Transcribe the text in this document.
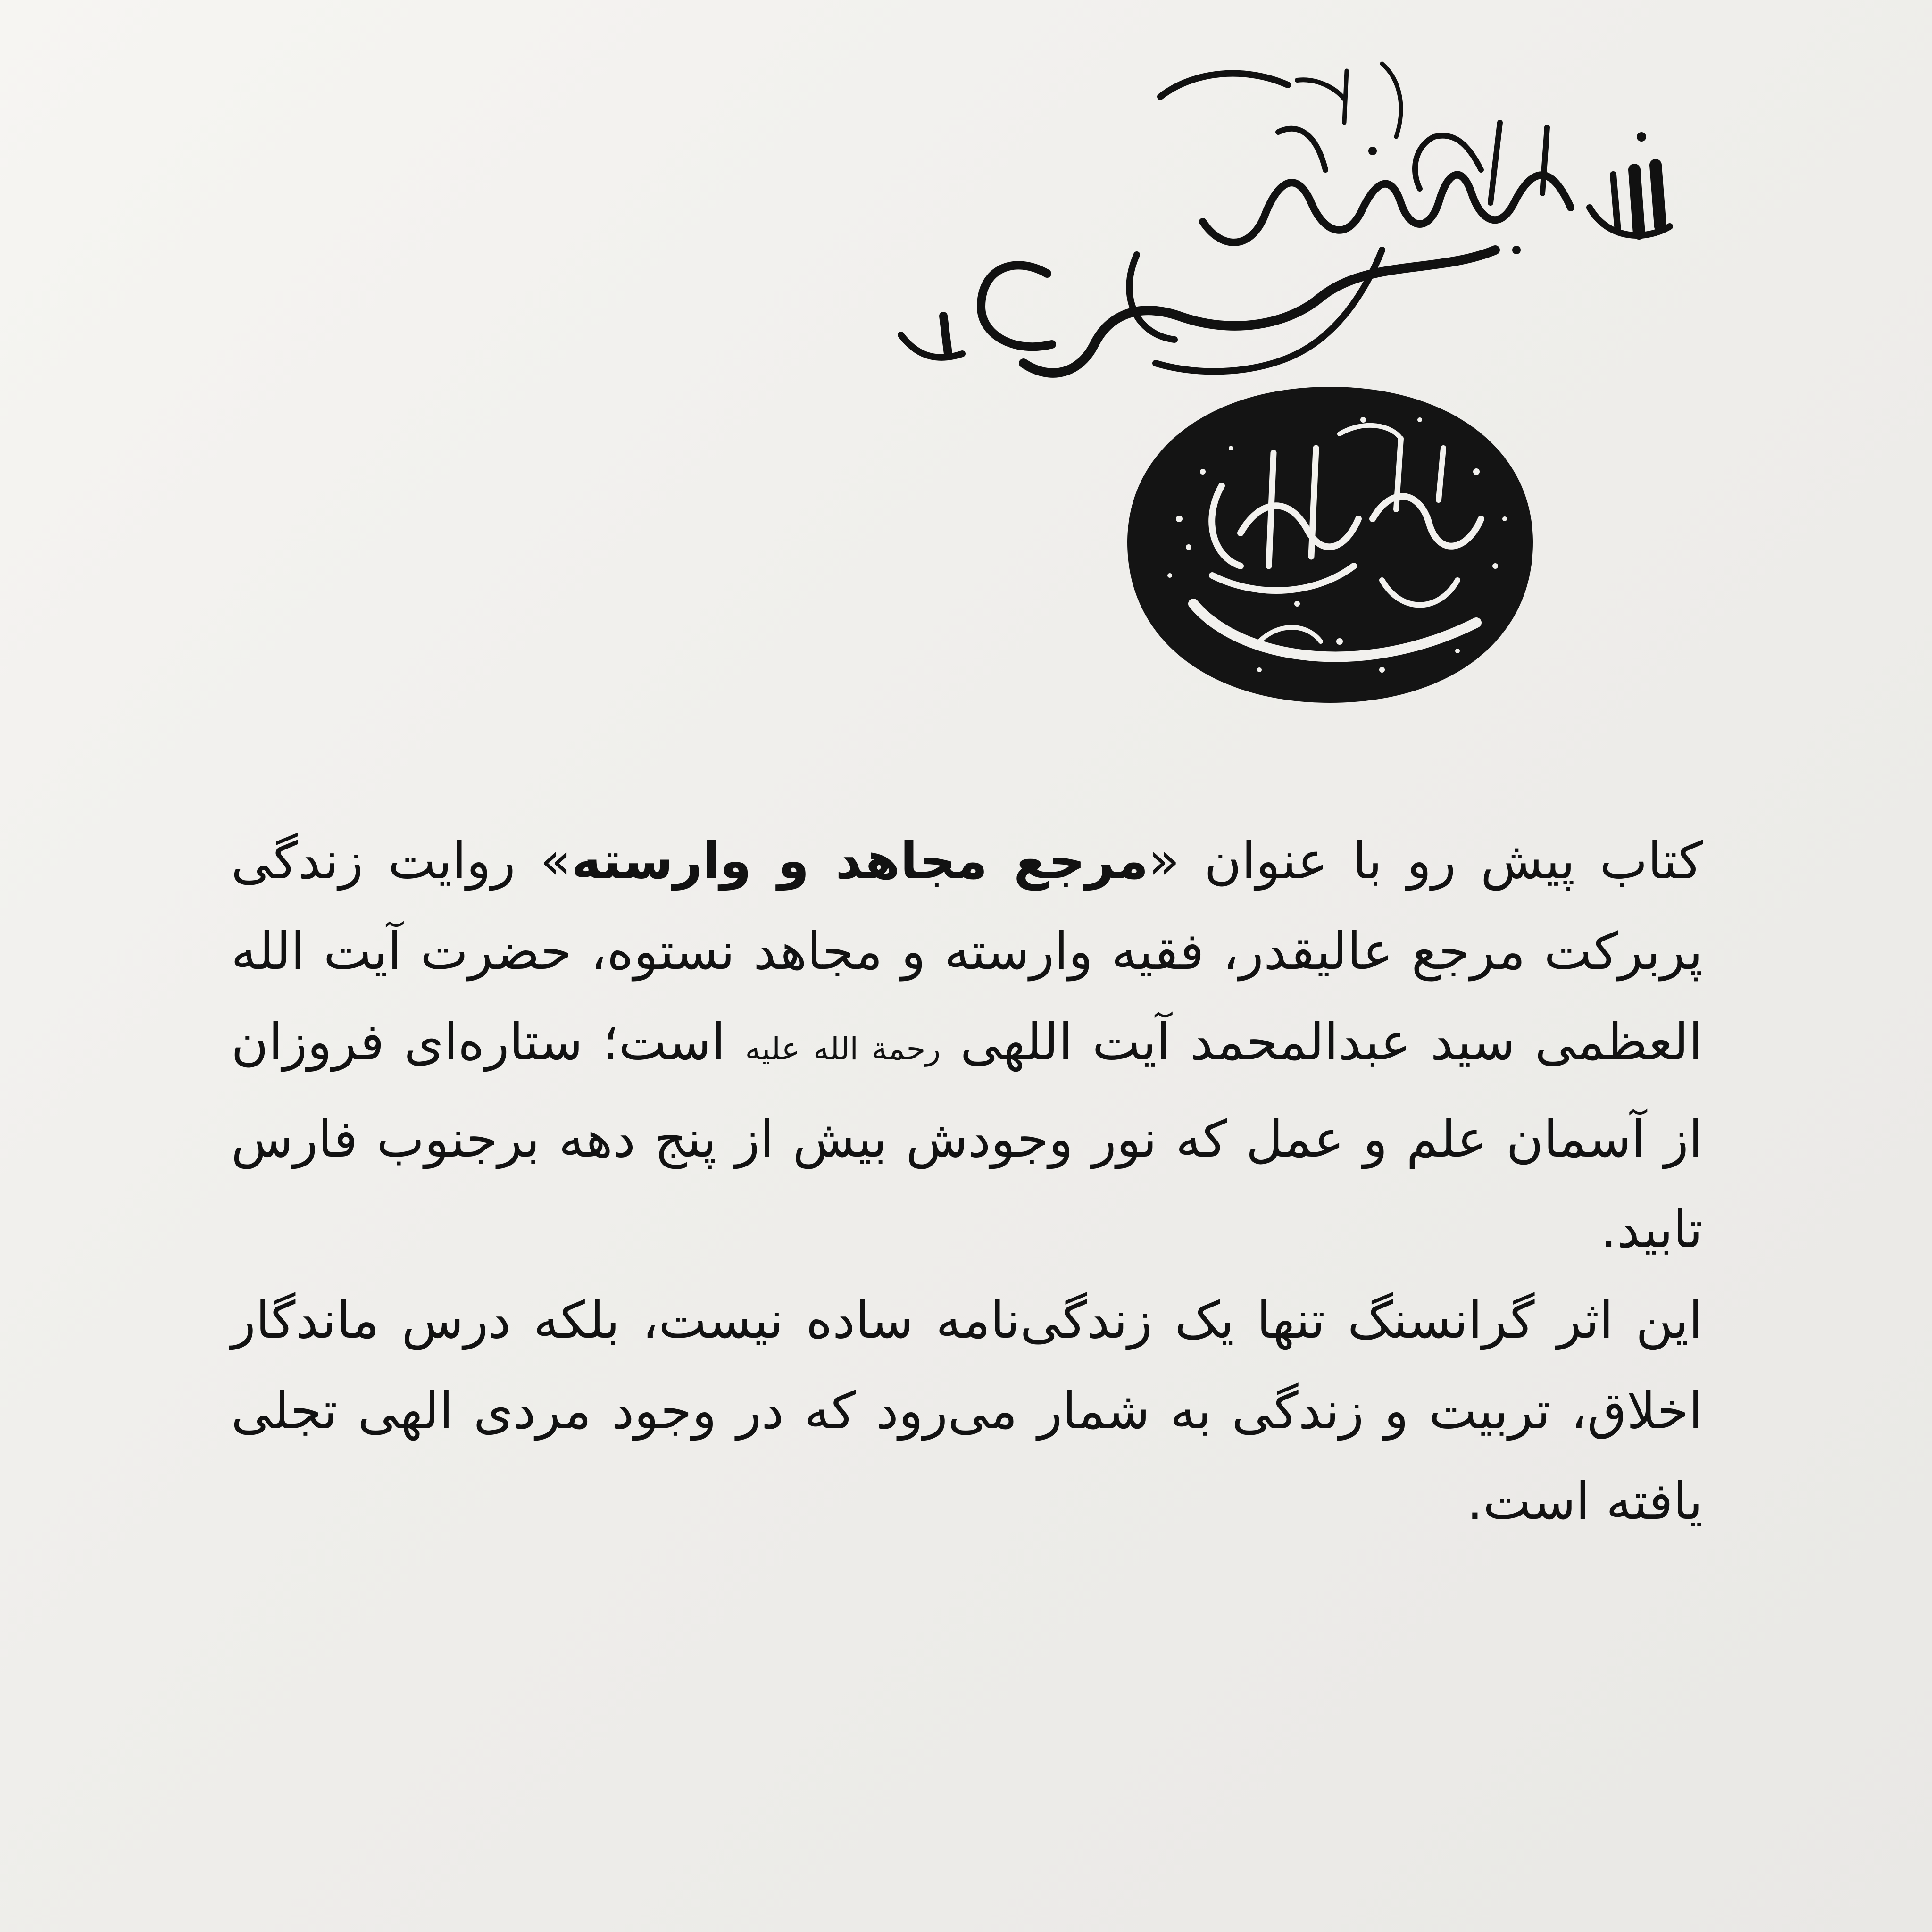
کتاب پیش رو با عنوان «مرجع مجاهد و وارسته» روایت زندگی پربرکت مرجع عالیقدر، فقیه وارسته و مجاهد نستوه، حضرت آیت الله العظمی سید عبدالمحمد آیت اللهی رحمة الله علیه است؛ ستاره‌ای فروزان از آسمان علم و عمل که نور وجودش بیش از پنج دهه برجنوب فارس تابید.

این اثر گرانسنگ تنها یک زندگی‌نامه ساده نیست، بلکه درس ماندگار اخلاق، تربیت و زندگی به شمار می‌رود که در وجود مردی الهی تجلی یافته است.
